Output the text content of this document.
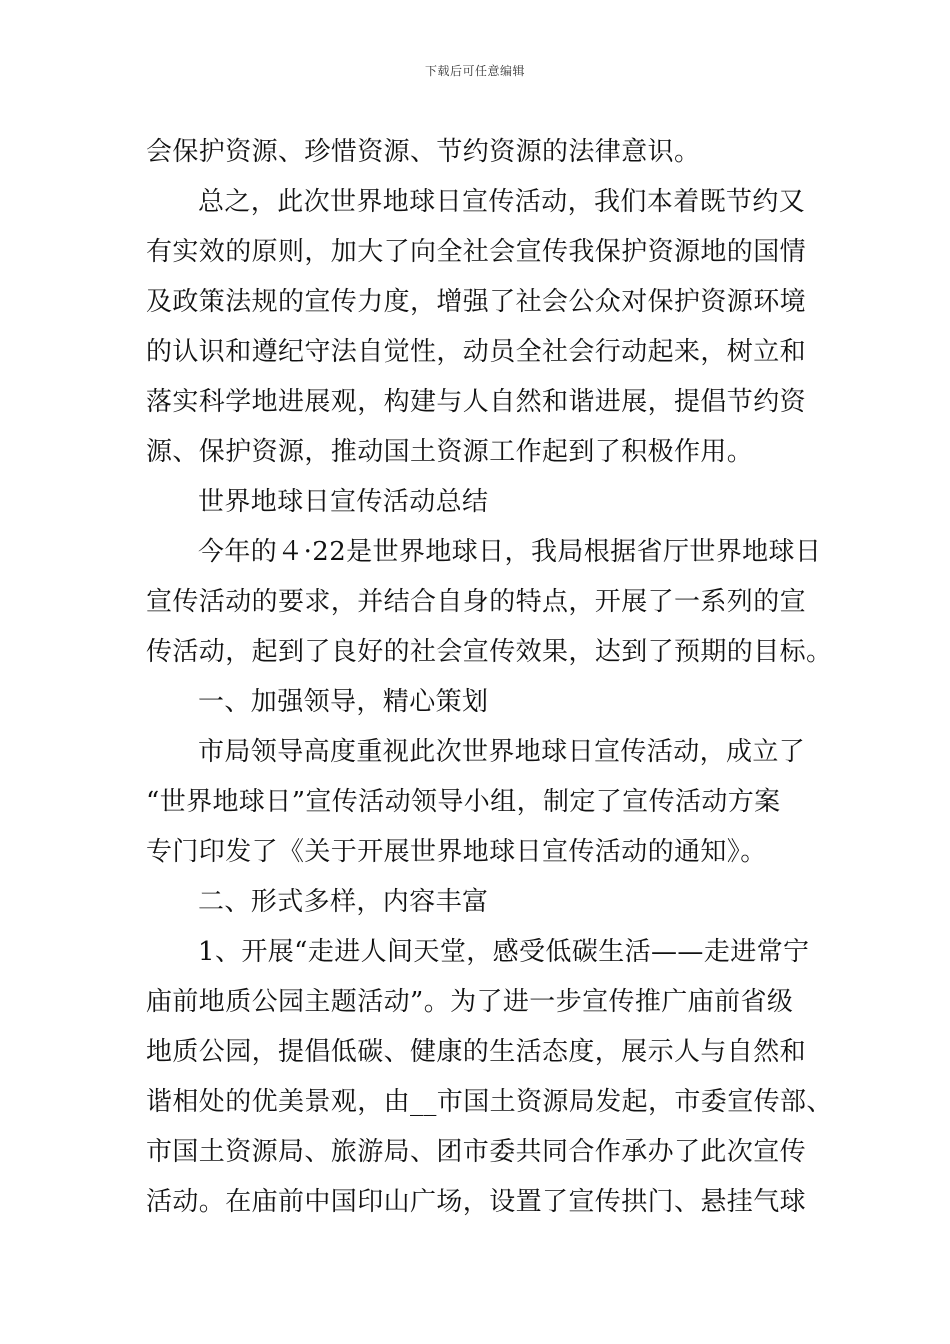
下载后可任意编辑
会保护资源、珍惜资源、节约资源的法律意识。
总之，此次世界地球日宣传活动，我们本着既节约又
有实效的原则，加大了向全社会宣传我保护资源地的国情
及政策法规的宣传力度，增强了社会公众对保护资源环境
的认识和遵纪守法自觉性，动员全社会行动起来，树立和
落实科学地进展观，构建与人自然和谐进展，提倡节约资
源、保护资源，推动国土资源工作起到了积极作用。
世界地球日宣传活动总结
今年的４·22是世界地球日，我局根据省厅世界地球日
宣传活动的要求，并结合自身的特点，开展了一系列的宣
传活动，起到了良好的社会宣传效果，达到了预期的目标。
一、加强领导，精心策划
市局领导高度重视此次世界地球日宣传活动，成立了
“世界地球日”宣传活动领导小组，制定了宣传活动方案
专门印发了《关于开展世界地球日宣传活动的通知》。
二、形式多样，内容丰富
1、开展“走进人间天堂，感受低碳生活——走进常宁
庙前地质公园主题活动”。为了进一步宣传推广庙前省级
地质公园，提倡低碳、健康的生活态度，展示人与自然和
谐相处的优美景观，由__市国土资源局发起，市委宣传部、
市国土资源局、旅游局、团市委共同合作承办了此次宣传
活动。在庙前中国印山广场，设置了宣传拱门、悬挂气球
